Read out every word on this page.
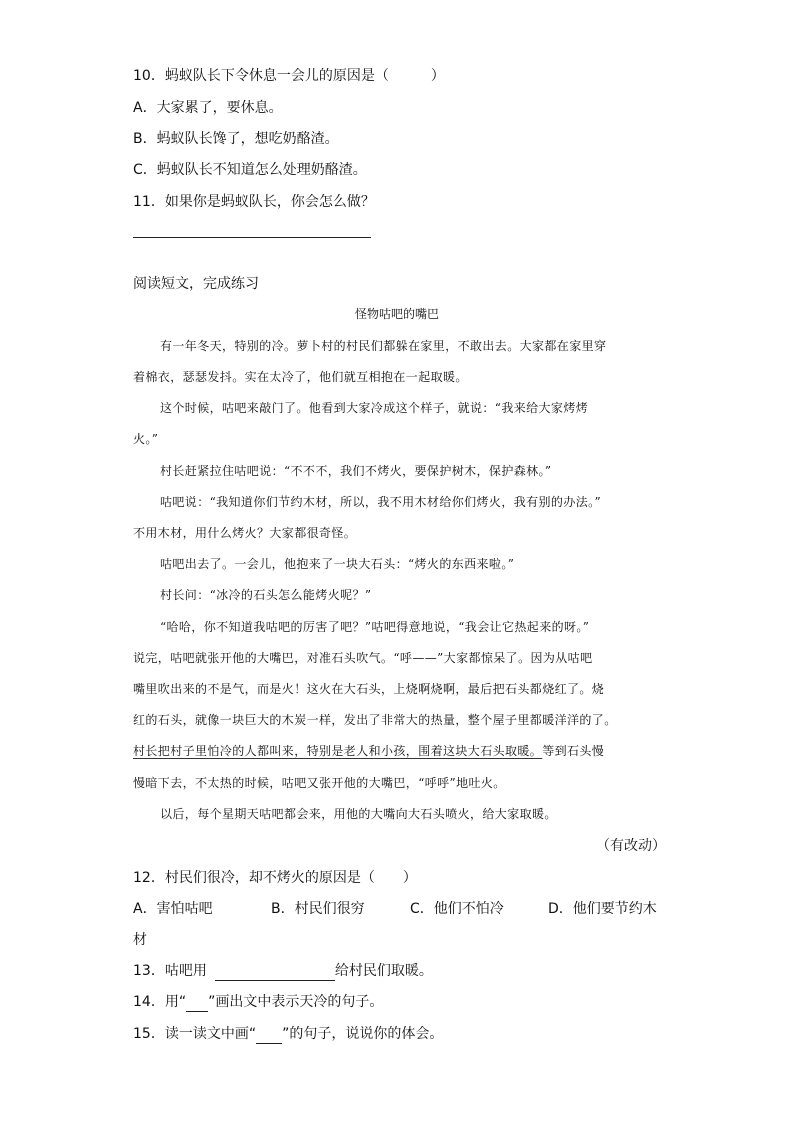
10．蚂蚁队长下令休息一会儿的原因是（　　　）
A．大家累了，要休息。
B．蚂蚁队长馋了，想吃奶酪渣。
C．蚂蚁队长不知道怎么处理奶酪渣。
11．如果你是蚂蚁队长，你会怎么做？
阅读短文，完成练习
怪物咕吧的嘴巴
有一年冬天，特别的冷。萝卜村的村民们都躲在家里，不敢出去。大家都在家里穿
着棉衣，瑟瑟发抖。实在太冷了，他们就互相抱在一起取暖。
这个时候，咕吧来敲门了。他看到大家冷成这个样子，就说：“我来给大家烤烤
火。”
村长赶紧拉住咕吧说：“不不不，我们不烤火，要保护树木，保护森林。”
咕吧说：“我知道你们节约木材，所以，我不用木材给你们烤火，我有别的办法。”
不用木材，用什么烤火？大家都很奇怪。
咕吧出去了。一会儿，他抱来了一块大石头：“烤火的东西来啦。”
村长问：“冰冷的石头怎么能烤火呢？”
“哈哈，你不知道我咕吧的厉害了吧？”咕吧得意地说，“我会让它热起来的呀。”
说完，咕吧就张开他的大嘴巴，对准石头吹气。“呼——”大家都惊呆了。因为从咕吧
嘴里吹出来的不是气，而是火！这火在大石头，上烧啊烧啊，最后把石头都烧红了。烧
红的石头，就像一块巨大的木炭一样，发出了非常大的热量，整个屋子里都暖洋洋的了。
村长把村子里怕冷的人都叫来，特别是老人和小孩，围着这块大石头取暖。等到石头慢
慢暗下去，不太热的时候，咕吧又张开他的大嘴巴，“呼呼”地吐火。
以后，每个星期天咕吧都会来，用他的大嘴向大石头喷火，给大家取暖。
（有改动）
12．村民们很冷，却不烤火的原因是（　　）
A．害怕咕吧	B．村民们很穷	C．他们不怕冷	D．他们要节约木
材
13．咕吧用	给村民们取暖。
14．用“ ”画出文中表示天冷的句子。
15．读一读文中画“ ”的句子，说说你的体会。
